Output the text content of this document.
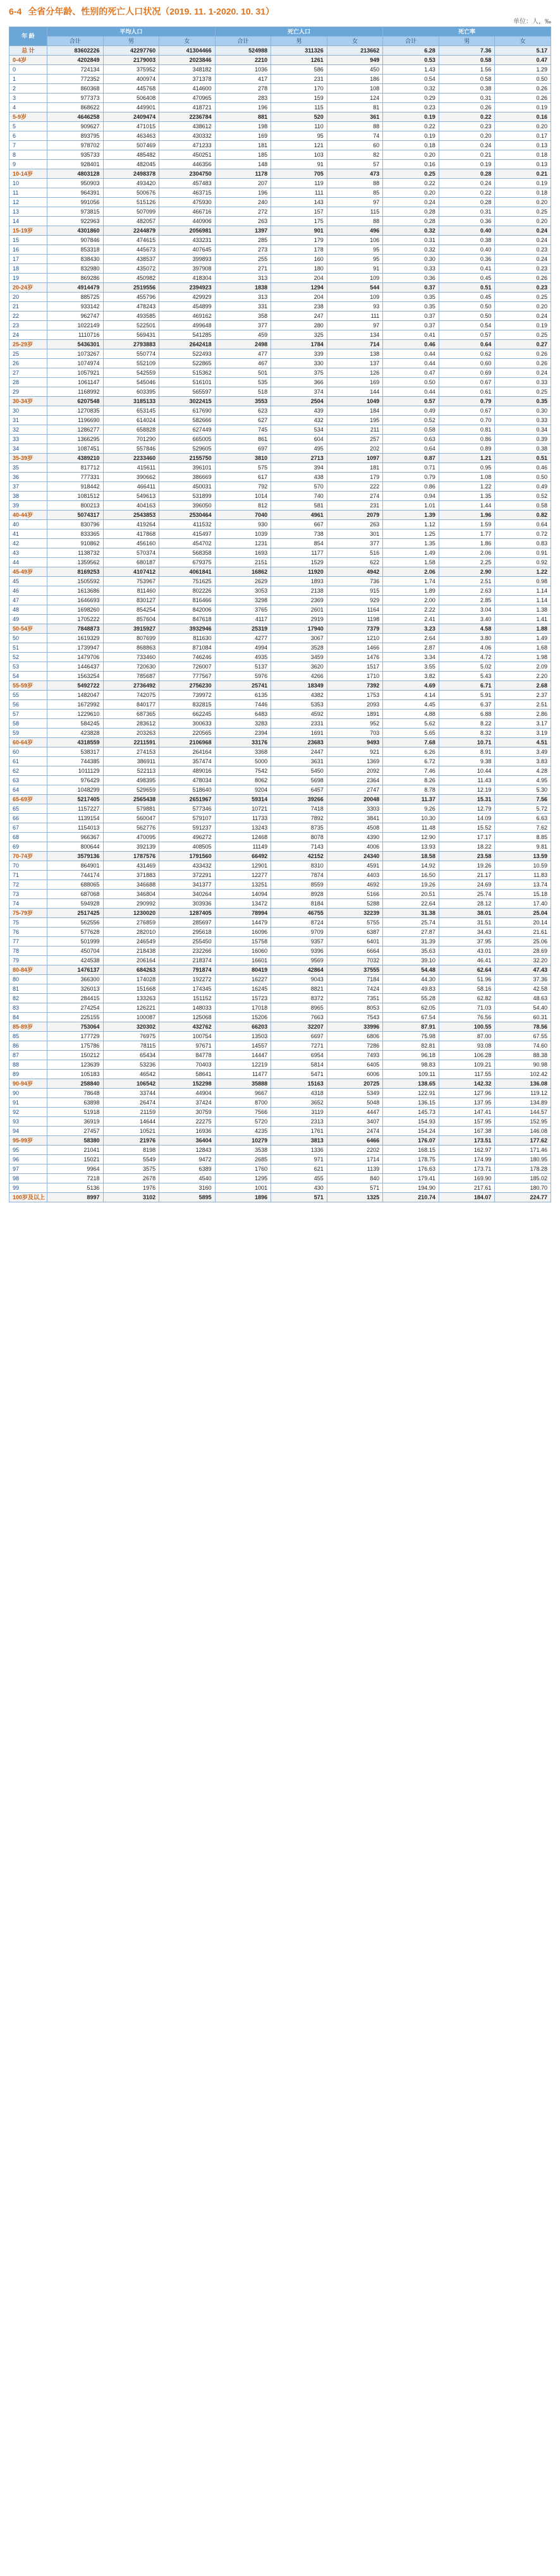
6-4 全省分年龄、性别的死亡人口状况（2019. 11. 1-2020. 10. 31）
单位：人，‰
年 龄	平均人口			死亡人口			死亡率		
	合计	男	女	合计	男	女	合计	男	女
总 计	83602226	42297760	41304466	524988	311326	213662	6.28	7.36	5.17
0-4岁	4202849	2179003	2023846	2210	1261	949	0.53	0.58	0.47
0	724134	375952	348182	1036	586	450	1.43	1.56	1.29
1	772352	400974	371378	417	231	186	0.54	0.58	0.50
2	860368	445768	414600	278	170	108	0.32	0.38	0.26
3	977373	506408	470965	283	159	124	0.29	0.31	0.26
4	868622	449901	418721	196	115	81	0.23	0.26	0.19
5-9岁	4646258	2409474	2236784	881	520	361	0.19	0.22	0.16
5	909627	471015	438612	198	110	88	0.22	0.23	0.20
6	893795	463463	430332	169	95	74	0.19	0.20	0.17
7	978702	507469	471233	181	121	60	0.18	0.24	0.13
8	935733	485482	450251	185	103	82	0.20	0.21	0.18
9	928401	482045	446356	148	91	57	0.16	0.19	0.13
10-14岁	4803128	2498378	2304750	1178	705	473	0.25	0.28	0.21
10	950903	493420	457483	207	119	88	0.22	0.24	0.19
11	964391	500676	463715	196	111	85	0.20	0.22	0.18
12	991056	515126	475930	240	143	97	0.24	0.28	0.20
13	973815	507099	466716	272	157	115	0.28	0.31	0.25
14	922963	482057	440906	263	175	88	0.28	0.36	0.20
15-19岁	4301860	2244879	2056981	1397	901	496	0.32	0.40	0.24
15	907846	474615	433231	285	179	106	0.31	0.38	0.24
16	853318	445673	407645	273	178	95	0.32	0.40	0.23
17	838430	438537	399893	255	160	95	0.30	0.36	0.24
18	832980	435072	397908	271	180	91	0.33	0.41	0.23
19	869286	450982	418304	313	204	109	0.36	0.45	0.26
20-24岁	4914479	2519556	2394923	1838	1294	544	0.37	0.51	0.23
20	885725	455796	429929	313	204	109	0.35	0.45	0.25
21	933142	478243	454899	331	238	93	0.35	0.50	0.20
22	962747	493585	469162	358	247	111	0.37	0.50	0.24
23	1022149	522501	499648	377	280	97	0.37	0.54	0.19
24	1110716	569431	541285	459	325	134	0.41	0.57	0.25
25-29岁	5436301	2793883	2642418	2498	1784	714	0.46	0.64	0.27
25	1073267	550774	522493	477	339	138	0.44	0.62	0.26
26	1074974	552109	522865	467	330	137	0.44	0.60	0.26
27	1057921	542559	515362	501	375	126	0.47	0.69	0.24
28	1061147	545046	516101	535	366	169	0.50	0.67	0.33
29	1168992	603395	565597	518	374	144	0.44	0.61	0.25
30-34岁	6207548	3185133	3022415	3553	2504	1049	0.57	0.79	0.35
30	1270835	653145	617690	623	439	184	0.49	0.67	0.30
31	1196690	614024	582666	627	432	195	0.52	0.70	0.33
32	1286277	658828	627449	745	534	211	0.58	0.81	0.34
33	1366295	701290	665005	861	604	257	0.63	0.86	0.39
34	1087451	557846	529605	697	495	202	0.64	0.89	0.38
35-39岁	4389210	2233460	2155750	3810	2713	1097	0.87	1.21	0.51
35	817712	415611	396101	575	394	181	0.71	0.95	0.46
36	777331	390662	386669	617	438	179	0.79	1.08	0.50
37	918442	466411	450031	792	570	222	0.86	1.22	0.49
38	1081512	549613	531899	1014	740	274	0.94	1.35	0.52
39	800213	404163	396050	812	581	231	1.01	1.44	0.58
40-44岁	5074317	2543853	2530464	7040	4961	2079	1.39	1.96	0.82
40	830796	419264	411532	930	667	263	1.12	1.59	0.64
41	833365	417868	415497	1039	738	301	1.25	1.77	0.72
42	910862	456160	454702	1231	854	377	1.35	1.86	0.83
43	1138732	570374	568358	1693	1177	516	1.49	2.06	0.91
44	1359562	680187	679375	2151	1529	622	1.58	2.25	0.92
45-49岁	8169253	4107412	4061841	16862	11920	4942	2.06	2.90	1.22
45	1505592	753967	751625	2629	1893	736	1.74	2.51	0.98
46	1613686	811460	802226	3053	2138	915	1.89	2.63	1.14
47	1646693	830127	816466	3298	2369	929	2.00	2.85	1.14
48	1698260	854254	842006	3765	2601	1164	2.22	3.04	1.38
49	1705222	857604	847618	4117	2919	1198	2.41	3.40	1.41
50-54岁	7848873	3915927	3932946	25319	17940	7379	3.23	4.58	1.88
50	1619329	807699	811630	4277	3067	1210	2.64	3.80	1.49
51	1739947	868863	871084	4994	3528	1466	2.87	4.06	1.68
52	1479706	733460	746246	4935	3459	1476	3.34	4.72	1.98
53	1446437	720630	726007	5137	3620	1517	3.55	5.02	2.09
54	1563254	785687	777567	5976	4266	1710	3.82	5.43	2.20
55-59岁	5492722	2736492	2756230	25741	18349	7392	4.69	6.71	2.68
55	1482047	742075	739972	6135	4382	1753	4.14	5.91	2.37
56	1672992	840177	832815	7446	5353	2093	4.45	6.37	2.51
57	1229610	687365	662245	6483	4592	1891	4.88	6.88	2.86
58	584245	283612	300633	3283	2331	952	5.62	8.22	3.17
59	423828	203263	220565	2394	1691	703	5.65	8.32	3.19
60-64岁	4318559	2211591	2106968	33176	23683	9493	7.68	10.71	4.51
60	538317	274153	264164	3368	2447	921	6.26	8.91	3.49
61	744385	386911	357474	5000	3631	1369	6.72	9.38	3.83
62	1011129	522113	489016	7542	5450	2092	7.46	10.44	4.28
63	976429	498395	478034	8062	5698	2364	8.26	11.43	4.95
64	1048299	529659	518640	9204	6457	2747	8.78	12.19	5.30
65-69岁	5217405	2565438	2651967	59314	39266	20048	11.37	15.31	7.56
65	1157227	579881	577346	10721	7418	3303	9.26	12.79	5.72
66	1139154	560047	579107	11733	7892	3841	10.30	14.09	6.63
67	1154013	562776	591237	13243	8735	4508	11.48	15.52	7.62
68	966367	470095	496272	12468	8078	4390	12.90	17.17	8.85
69	800644	392139	408505	11149	7143	4006	13.93	18.22	9.81
70-74岁	3579136	1787576	1791560	66492	42152	24340	18.58	23.58	13.59
70	864901	431469	433432	12901	8310	4591	14.92	19.26	10.59
71	744174	371883	372291	12277	7874	4403	16.50	21.17	11.83
72	688065	346688	341377	13251	8559	4692	19.26	24.69	13.74
73	687068	346804	340264	14094	8928	5166	20.51	25.74	15.18
74	594928	290992	303936	13472	8184	5288	22.64	28.12	17.40
75-79岁	2517425	1230020	1287405	78994	46755	32239	31.38	38.01	25.04
75	562556	276859	285697	14479	8724	5755	25.74	31.51	20.14
76	577628	282010	295618	16096	9709	6387	27.87	34.43	21.61
77	501999	246549	255450	15758	9357	6401	31.39	37.95	25.06
78	450704	218438	232266	16060	9396	6664	35.63	43.01	28.69
79	424538	206164	218374	16601	9569	7032	39.10	46.41	32.20
80-84岁	1476137	684263	791874	80419	42864	37555	54.48	62.64	47.43
80	366300	174028	192272	16227	9043	7184	44.30	51.96	37.36
81	326013	151668	174345	16245	8821	7424	49.83	58.16	42.58
82	284415	133263	151152	15723	8372	7351	55.28	62.82	48.63
83	274254	126221	148033	17018	8965	8053	62.05	71.03	54.40
84	225155	100087	125068	15206	7663	7543	67.54	76.56	60.31
85-89岁	753064	320302	432762	66203	32207	33996	87.91	100.55	78.56
85	177729	76975	100754	13503	6697	6806	75.98	87.00	67.55
86	175786	78115	97671	14557	7271	7286	82.81	93.08	74.60
87	150212	65434	84778	14447	6954	7493	96.18	106.28	88.38
88	123639	53236	70403	12219	5814	6405	98.83	109.21	90.98
89	105183	46542	58641	11477	5471	6006	109.11	117.55	102.42
90-94岁	258840	106542	152298	35888	15163	20725	138.65	142.32	136.08
90	78648	33744	44904	9667	4318	5349	122.91	127.96	119.12
91	63898	26474	37424	8700	3652	5048	136.15	137.95	134.89
92	51918	21159	30759	7566	3119	4447	145.73	147.41	144.57
93	36919	14644	22275	5720	2313	3407	154.93	157.95	152.95
94	27457	10521	16936	4235	1761	2474	154.24	167.38	146.08
95-99岁	58380	21976	36404	10279	3813	6466	176.07	173.51	177.62
95	21041	8198	12843	3538	1336	2202	168.15	162.97	171.46
96	15021	5549	9472	2685	971	1714	178.75	174.99	180.95
97	9964	3575	6389	1760	621	1139	176.63	173.71	178.28
98	7218	2678	4540	1295	455	840	179.41	169.90	185.02
99	5136	1976	3160	1001	430	571	194.90	217.61	180.70
100岁及以上	8997	3102	5895	1896	571	1325	210.74	184.07	224.77
